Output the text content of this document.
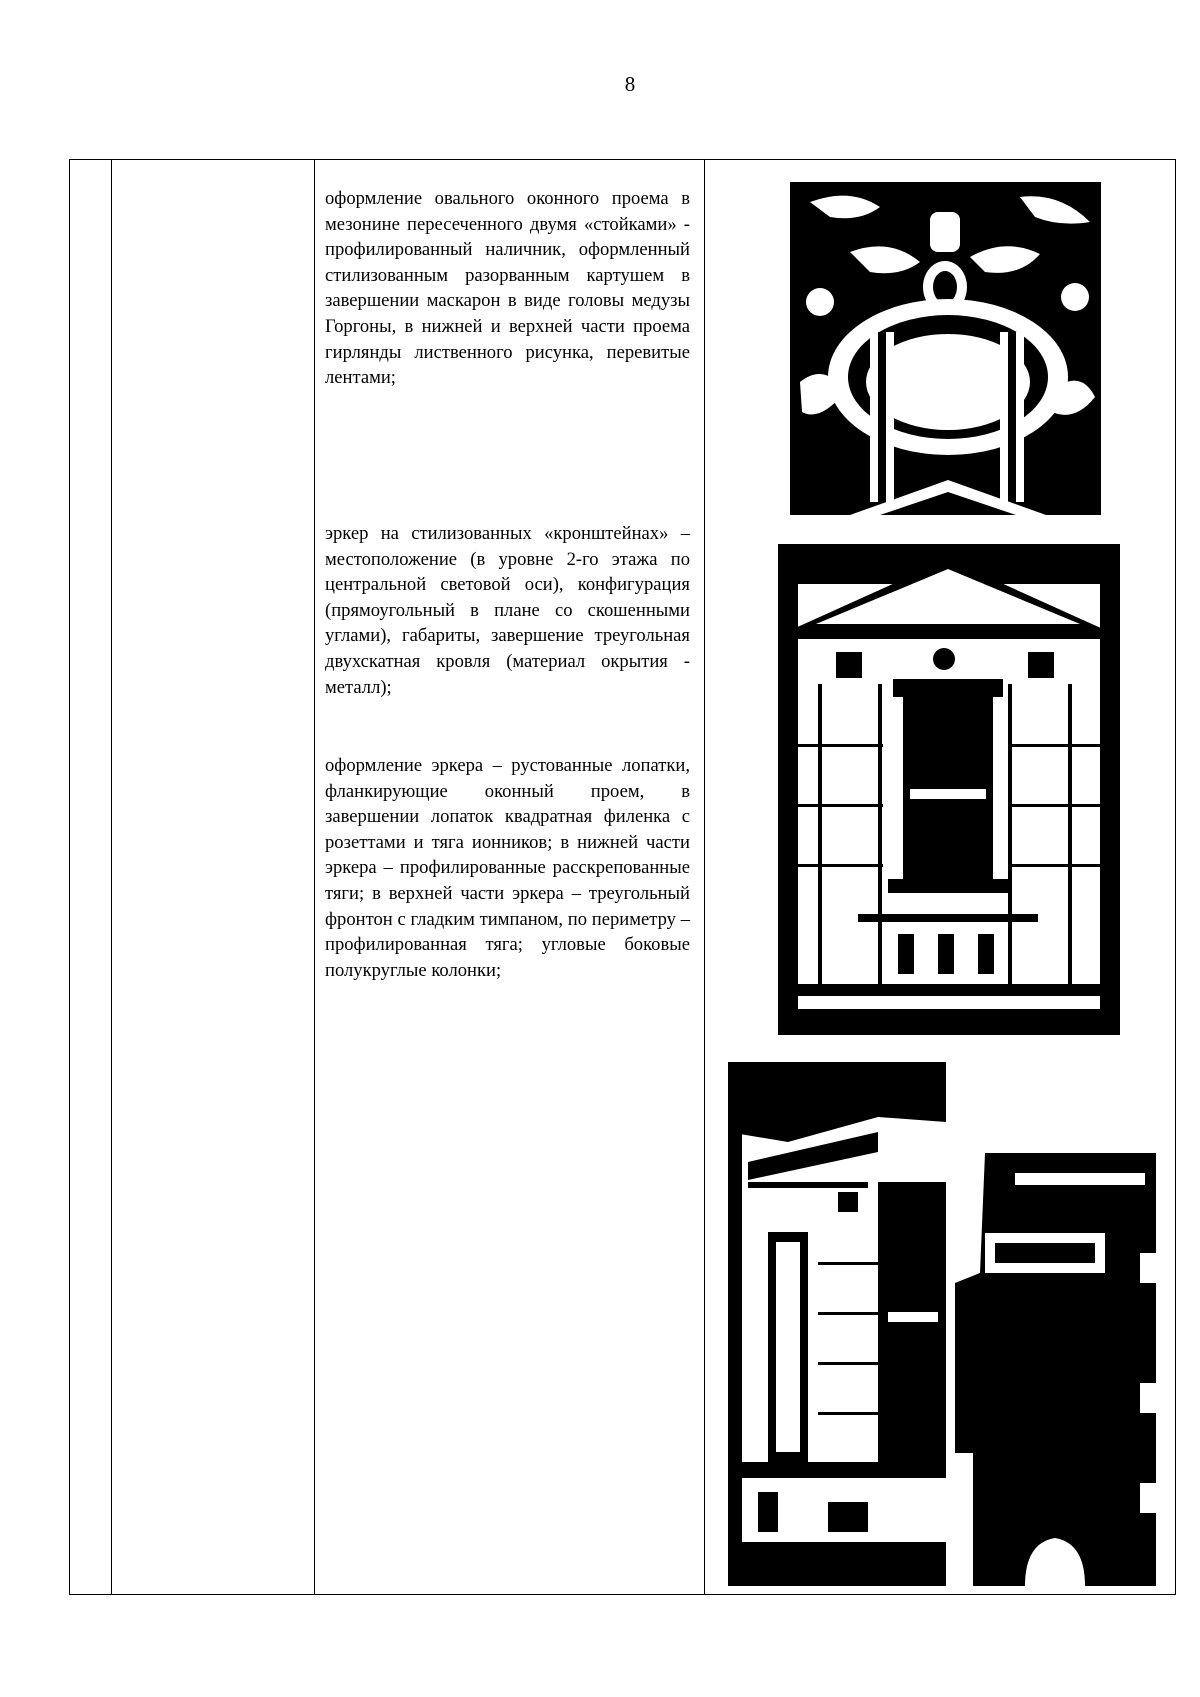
8

оформление овального оконного проема в мезонине пересеченного двумя «стойками» - профилированный наличник, оформленный стилизованным разорванным картушем в завершении маскарон в виде головы медузы Горгоны, в нижней и верхней части проема гирлянды лиственного рисунка, перевитые лентами;

эркер на стилизованных «кронштейнах» – местоположение (в уровне 2-го этажа по центральной световой оси), конфигурация (прямоугольный в плане со скошенными углами), габариты, завершение треугольная двухскатная кровля (материал окрытия - металл);

оформление эркера – рустованные лопатки, фланкирующие оконный проем, в завершении лопаток квадратная филенка с розеттами и тяга ионников; в нижней части эркера – профилированные расскрепованные тяги; в верхней части эркера – треугольный фронтон с гладким тимпаном, по периметру – профилированная тяга; угловые боковые полукруглые колонки;
